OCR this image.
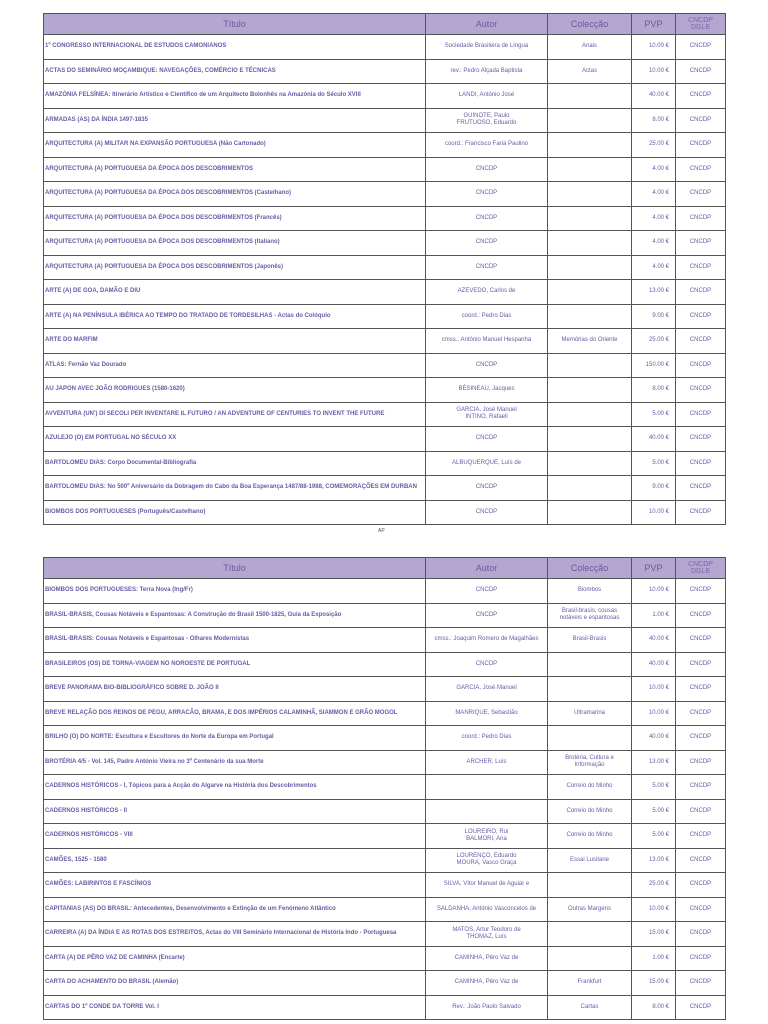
Título	Autor	Colecção	PVP	CNCDP DGLB
1º CONGRESSO INTERNACIONAL DE ESTUDOS CAMONIANOS	Sociedade Brasileira de Língua	Anais	10.00 €	CNCDP
ACTAS DO SEMINÁRIO MOÇAMBIQUE: NAVEGAÇÕES, COMÉRCIO E TÉCNICAS	rev.: Pedro Alçada Baptista	Actas	10.00 €	CNCDP
AMAZÓNIA FELSÍNEA: Itinerário Artístico e Científico de um Arquitecto Bolonhês na Amazónia do Século XVIII	LANDI, António José		40.00 €	CNCDP
ARMADAS (AS) DA ÍNDIA 1497-1835	GUINOTE, Paulo
FRUTUOSO, Eduardo		8.00 €	CNCDP
ARQUITECTURA (A) MILITAR NA EXPANSÃO PORTUGUESA (Não Cartonado)	coord.: Francisco Faria Paulino		25.00 €	CNCDP
ARQUITECTURA (A) PORTUGUESA DA ÉPOCA DOS DESCOBRIMENTOS	CNCDP		4.00 €	CNCDP
ARQUITECTURA (A) PORTUGUESA DA ÉPOCA DOS DESCOBRIMENTOS (Castelhano)	CNCDP		4.00 €	CNCDP
ARQUITECTURA (A) PORTUGUESA DA ÉPOCA DOS DESCOBRIMENTOS (Francês)	CNCDP		4.00 €	CNCDP
ARQUITECTURA (A) PORTUGUESA DA ÉPOCA DOS DESCOBRIMENTOS (Italiano)	CNCDP		4.00 €	CNCDP
ARQUITECTURA (A) PORTUGUESA DA ÉPOCA DOS DESCOBRIMENTOS (Japonês)	CNCDP		4.00 €	CNCDP
ARTE (A) DE GOA, DAMÃO E DIU	AZEVEDO, Carlos de		13.00 €	CNCDP
ARTE (A) NA PENÍNSULA IBÉRICA AO TEMPO DO TRATADO DE TORDESILHAS - Actas do Colóquio	coord.: Pedro Dias		9.00 €	CNCDP
ARTE DO MARFIM	cmss.: António Manuel Hespanha	Memórias do Oriente	25.00 €	CNCDP
ATLAS: Fernão Vaz Dourado	CNCDP		150.00 €	CNCDP
AU JAPON AVEC JOÃO RODRIGUES (1580-1620)	BÉSINEAU, Jacques		8.00 €	CNCDP
AVVENTURA (UN') DI SECOLI PER INVENTARE IL FUTURO / AN ADVENTURE OF CENTURIES TO INVENT THE FUTURE	GARCIA, José Manuel
INTINO, Rafaell		5.00 €	CNCDP
AZULEJO (O) EM PORTUGAL NO SÉCULO XX	CNCDP		40.00 €	CNCDP
BARTOLOMEU DIAS: Corpo Documental-Bibliografia	ALBUQUERQUE, Luís de		5.00 €	CNCDP
BARTOLOMEU DIAS: No 500º Aniversário da Dobragem do Cabo da Boa Esperança 1487/88-1988, COMEMORAÇÕES EM DURBAN	CNCDP		9.00 €	CNCDP
BIOMBOS DOS PORTUGUESES (Português/Castelhano)	CNCDP		10.00 €	CNCDP
AP
Título	Autor	Colecção	PVP	CNCDP DGLB
BIOMBOS DOS PORTUGUESES: Terra Nova (Ing/Fr)	CNCDP	Biombos	10.00 €	CNCDP
BRASIL-BRASIS, Cousas Notáveis e Espantosas: A Construção do Brasil 1500-1825, Guia da Exposição	CNCDP	Brasil-brasis, cousas notáveis e espantosas	1.00 €	CNCDP
BRASIL-BRASIS: Cousas Notáveis e Espantosas - Olhares Modernistas	cmss.: Joaquim Romero de Magalhães	Brasil-Brasis	40.00 €	CNCDP
BRASILEIROS (OS) DE TORNA-VIAGEM NO NOROESTE DE PORTUGAL	CNCDP		40.00 €	CNCDP
BREVE PANORAMA BIO-BIBLIOGRÁFICO SOBRE D. JOÃO II	GARCIA, José Manuel		10.00 €	CNCDP
BREVE RELAÇÃO DOS REINOS DE PEGU, ARRACÃO, BRAMA, E DOS IMPÉRIOS CALAMINHÃ, SIAMMON E GRÃO MOGOL	MANRIQUE, Sebastião	Ultramarina	10.00 €	CNCDP
BRILHO (O) DO NORTE: Escultura e Escultores do Norte da Europa em Portugal	coord.: Pedro Dias		40.00 €	CNCDP
BROTÉRIA 4/5 - Vol. 145, Padre António Vieira no 3º Centenário da sua Morte	ARCHER, Luís	Brotéria, Cultura e Informação	13.00 €	CNCDP
CADERNOS HISTÓRICOS - I, Tópicos para a Acção do Algarve na História dos Descobrimentos		Correio do Minho	5.00 €	CNCDP
CADERNOS HISTÓRICOS - II		Correio do Minho	5.00 €	CNCDP
CADERNOS HISTÓRICOS - VIII	LOUREIRO, Rui
BALMORI, Ana	Correio do Minho	5.00 €	CNCDP
CAMÕES, 1525 - 1580	LOURENÇO, Eduardo
MOURA, Vasco Graça	Essai Lusitane	13.00 €	CNCDP
CAMÕES: LABIRINTOS E FASCÍNIOS	SILVA, Vítor Manuel de Aguiar e		25.00 €	CNCDP
CAPITANIAS (AS) DO BRASIL: Antecedentes, Desenvolvimento e Extinção de um Fenómeno Atlântico	SALDANHA, António Vasconcelos de	Outras Margens	10.00 €	CNCDP
CARREIRA (A) DA ÍNDIA E AS ROTAS DOS ESTREITOS, Actas do VIII Seminário Internacional de História Indo - Portuguesa	MATOS, Artur Teodoro de
THOMAZ, Luís		15.00 €	CNCDP
CARTA (A) DE PÊRO VAZ DE CAMINHA (Encarte)	CAMINHA, Pêro Vaz de		1.00 €	CNCDP
CARTA DO ACHAMENTO DO BRASIL (Alemão)	CAMINHA, Pêro Vaz de	Frankfurt	15.00 €	CNCDP
CARTAS DO 1º CONDE DA TORRE Vol. I	Rev.: João Paulo Salvado	Cartas	8.00 €	CNCDP
